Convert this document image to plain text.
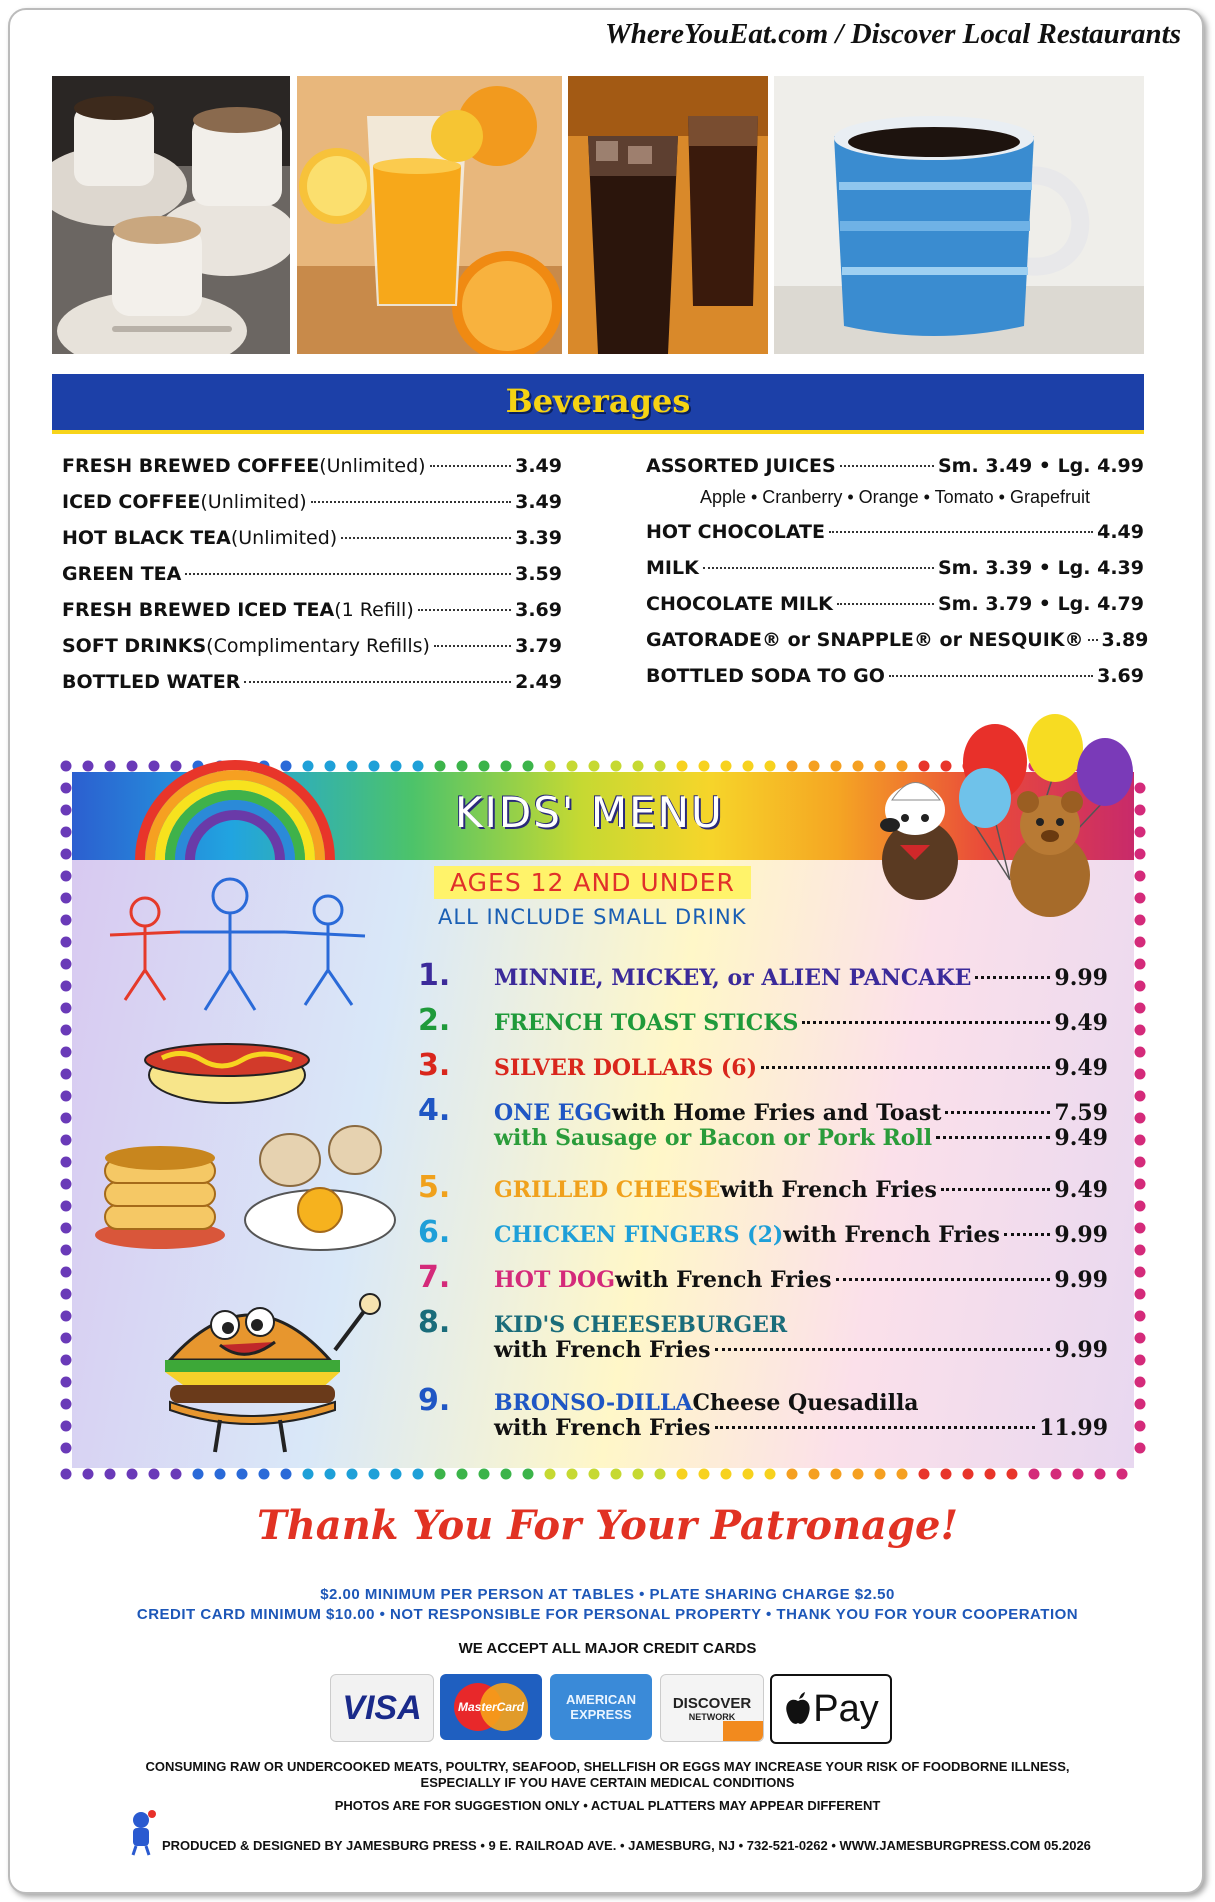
WhereYouEat.com / Discover Local Restaurants
Beverages
FRESH BREWED COFFEE (Unlimited)	3.49
ICED COFFEE (Unlimited)	3.49
HOT BLACK TEA (Unlimited)	3.39
GREEN TEA	3.59
FRESH BREWED ICED TEA (1 Refill)	3.69
SOFT DRINKS (Complimentary Refills)	3.79
BOTTLED WATER	2.49
ASSORTED JUICES	Sm. 3.49 • Lg. 4.99
Apple • Cranberry • Orange • Tomato • Grapefruit
HOT CHOCOLATE	4.49
MILK	Sm. 3.39 • Lg. 4.39
CHOCOLATE MILK	Sm. 3.79 • Lg. 4.79
GATORADE® or SNAPPLE® or NESQUIK® 3.89
BOTTLED SODA TO GO	3.69
KIDS' MENU
AGES 12 AND UNDER
ALL INCLUDE SMALL DRINK
1.	MINNIE, MICKEY, or ALIEN PANCAKE	9.99
2.	FRENCH TOAST STICKS	9.49
3.	SILVER DOLLARS (6)	9.49
4.	ONE EGG with Home Fries and Toast	7.59
with Sausage or Bacon or Pork Roll	9.49
5.	GRILLED CHEESE with French Fries	9.49
6.	CHICKEN FINGERS (2) with French Fries 9.99
7.	HOT DOG with French Fries	9.99
8.	KID'S CHEESEBURGER
with French Fries	9.99
9.	BRONSO-DILLA Cheese Quesadilla
with French Fries	11.99
Thank You For Your Patronage!
$2.00 MINIMUM PER PERSON AT TABLES • PLATE SHARING CHARGE $2.50
CREDIT CARD MINIMUM $10.00 • NOT RESPONSIBLE FOR PERSONAL PROPERTY • THANK YOU FOR YOUR COOPERATION
WE ACCEPT ALL MAJOR CREDIT CARDS
VISA	MasterCard	AMERICAN
EXPRESS
DISCOVER
NETWORK Pay
CONSUMING RAW OR UNDERCOOKED MEATS, POULTRY, SEAFOOD, SHELLFISH OR EGGS MAY INCREASE YOUR RISK OF FOODBORNE ILLNESS,
ESPECIALLY IF YOU HAVE CERTAIN MEDICAL CONDITIONS
PHOTOS ARE FOR SUGGESTION ONLY • ACTUAL PLATTERS MAY APPEAR DIFFERENT
PRODUCED & DESIGNED BY JAMESBURG PRESS • 9 E. RAILROAD AVE. • JAMESBURG, NJ • 732-521-0262 • WWW.JAMESBURGPRESS.COM 05.2026
